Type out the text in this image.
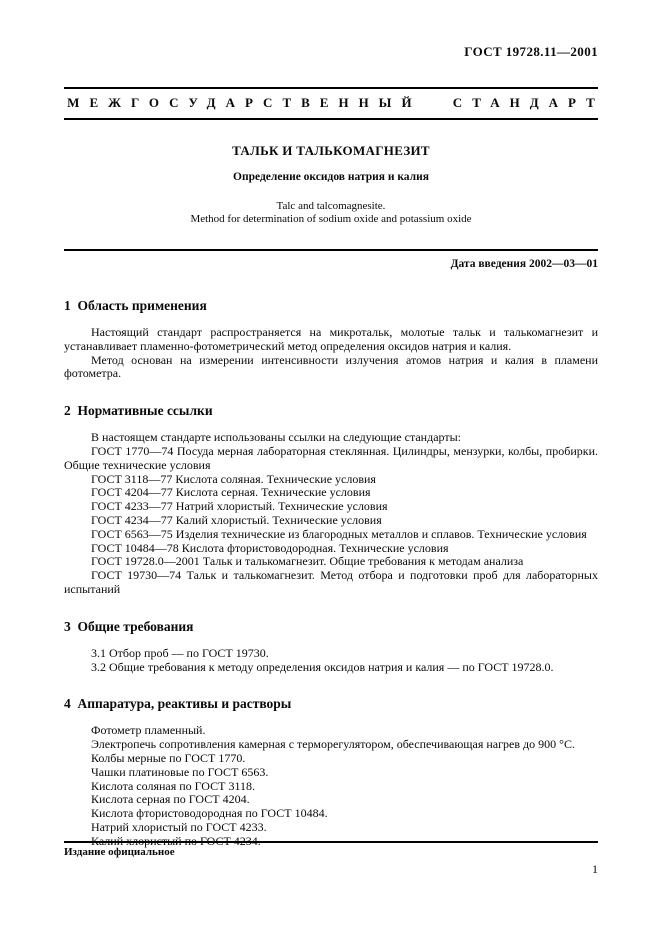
ГОСТ 19728.11—2001
МЕЖГОСУДАРСТВЕННЫЙ СТАНДАРТ
ТАЛЬК И ТАЛЬКОМАГНЕЗИТ
Определение оксидов натрия и калия
Talc and talcomagnesite.
Method for determination of sodium oxide and potassium oxide
Дата введения 2002—03—01
1  Область применения

Настоящий стандарт распространяется на микротальк, молотые тальк и талькомагнезит и устанавливает пламенно-фотометрический метод определения оксидов натрия и калия.

Метод основан на измерении интенсивности излучения атомов натрия и калия в пламени фотометра.

2  Нормативные ссылки

В настоящем стандарте использованы ссылки на следующие стандарты:

ГОСТ 1770—74 Посуда мерная лабораторная стеклянная. Цилиндры, мензурки, колбы, пробирки. Общие технические условия

ГОСТ 3118—77 Кислота соляная. Технические условия

ГОСТ 4204—77 Кислота серная. Технические условия

ГОСТ 4233—77 Натрий хлористый. Технические условия

ГОСТ 4234—77 Калий хлористый. Технические условия

ГОСТ 6563—75 Изделия технические из благородных металлов и сплавов. Технические условия

ГОСТ 10484—78 Кислота фтористоводородная. Технические условия

ГОСТ 19728.0—2001 Тальк и талькомагнезит. Общие требования к методам анализа

ГОСТ 19730—74 Тальк и талькомагнезит. Метод отбора и подготовки проб для лабораторных испытаний

3  Общие требования

3.1 Отбор проб — по ГОСТ 19730.

3.2 Общие требования к методу определения оксидов натрия и калия — по ГОСТ 19728.0.

4  Аппаратура, реактивы и растворы

Фотометр пламенный.

Электропечь сопротивления камерная с терморегулятором, обеспечивающая нагрев до 900 °С.

Колбы мерные по ГОСТ 1770.

Чашки платиновые по ГОСТ 6563.

Кислота соляная по ГОСТ 3118.

Кислота серная по ГОСТ 4204.

Кислота фтористоводородная по ГОСТ 10484.

Натрий хлористый по ГОСТ 4233.

Калий хлористый по ГОСТ 4234.

Издание официальное
1
